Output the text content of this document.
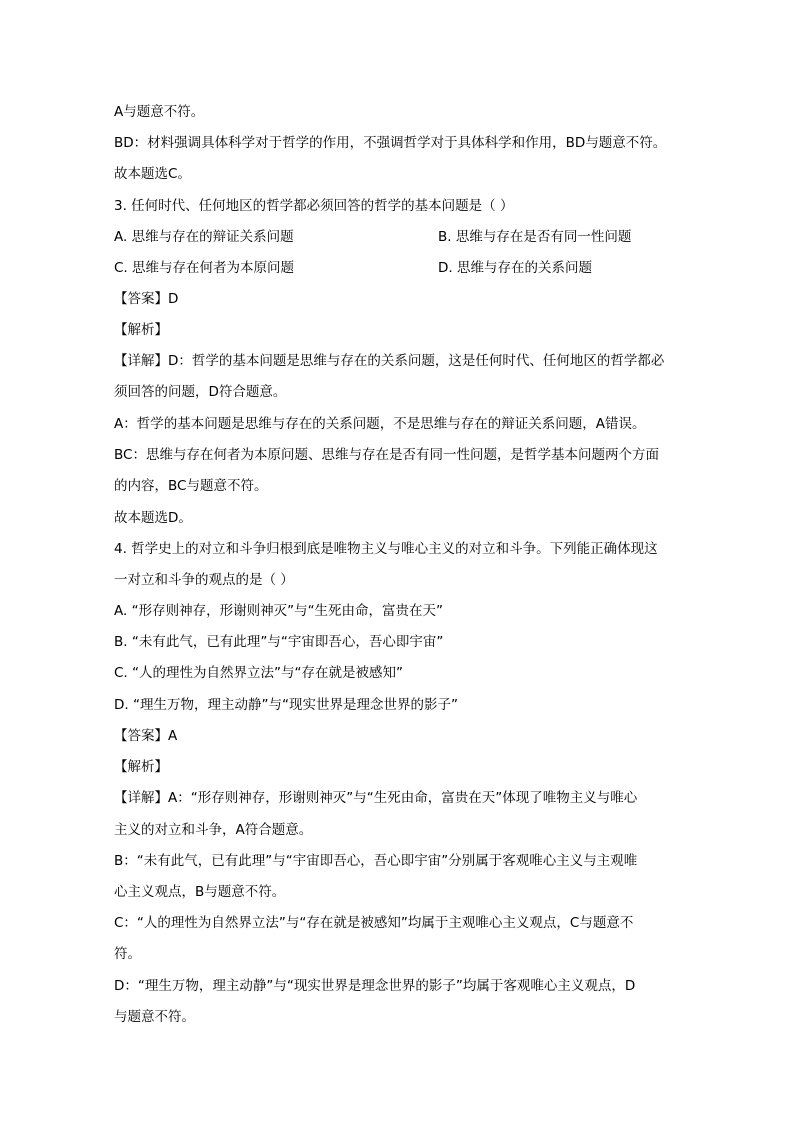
A与题意不符。
BD：材料强调具体科学对于哲学的作用，不强调哲学对于具体科学和作用，BD与题意不符。
故本题选C。
3. 任何时代、任何地区的哲学都必须回答的哲学的基本问题是（ ）
A. 思维与存在的辩证关系问题	B. 思维与存在是否有同一性问题
C. 思维与存在何者为本原问题	D. 思维与存在的关系问题
【答案】D
【解析】
【详解】D：哲学的基本问题是思维与存在的关系问题，这是任何时代、任何地区的哲学都必
须回答的问题，D符合题意。
A：哲学的基本问题是思维与存在的关系问题，不是思维与存在的辩证关系问题，A错误。
BC：思维与存在何者为本原问题、思维与存在是否有同一性问题，是哲学基本问题两个方面
的内容，BC与题意不符。
故本题选D。
4. 哲学史上的对立和斗争归根到底是唯物主义与唯心主义的对立和斗争。下列能正确体现这
一对立和斗争的观点的是（ ）
A. “形存则神存，形谢则神灭”与“生死由命，富贵在天”
B. “未有此气，已有此理”与“宇宙即吾心，吾心即宇宙”
C. “人的理性为自然界立法”与“存在就是被感知”
D. “理生万物，理主动静”与“现实世界是理念世界的影子”
【答案】A
【解析】
【详解】A：“形存则神存，形谢则神灭”与“生死由命，富贵在天”体现了唯物主义与唯心
主义的对立和斗争，A符合题意。
B：“未有此气，已有此理”与“宇宙即吾心，吾心即宇宙”分别属于客观唯心主义与主观唯
心主义观点，B与题意不符。
C：“人的理性为自然界立法”与“存在就是被感知”均属于主观唯心主义观点，C与题意不
符。
D：“理生万物，理主动静”与“现实世界是理念世界的影子”均属于客观唯心主义观点，D
与题意不符。
